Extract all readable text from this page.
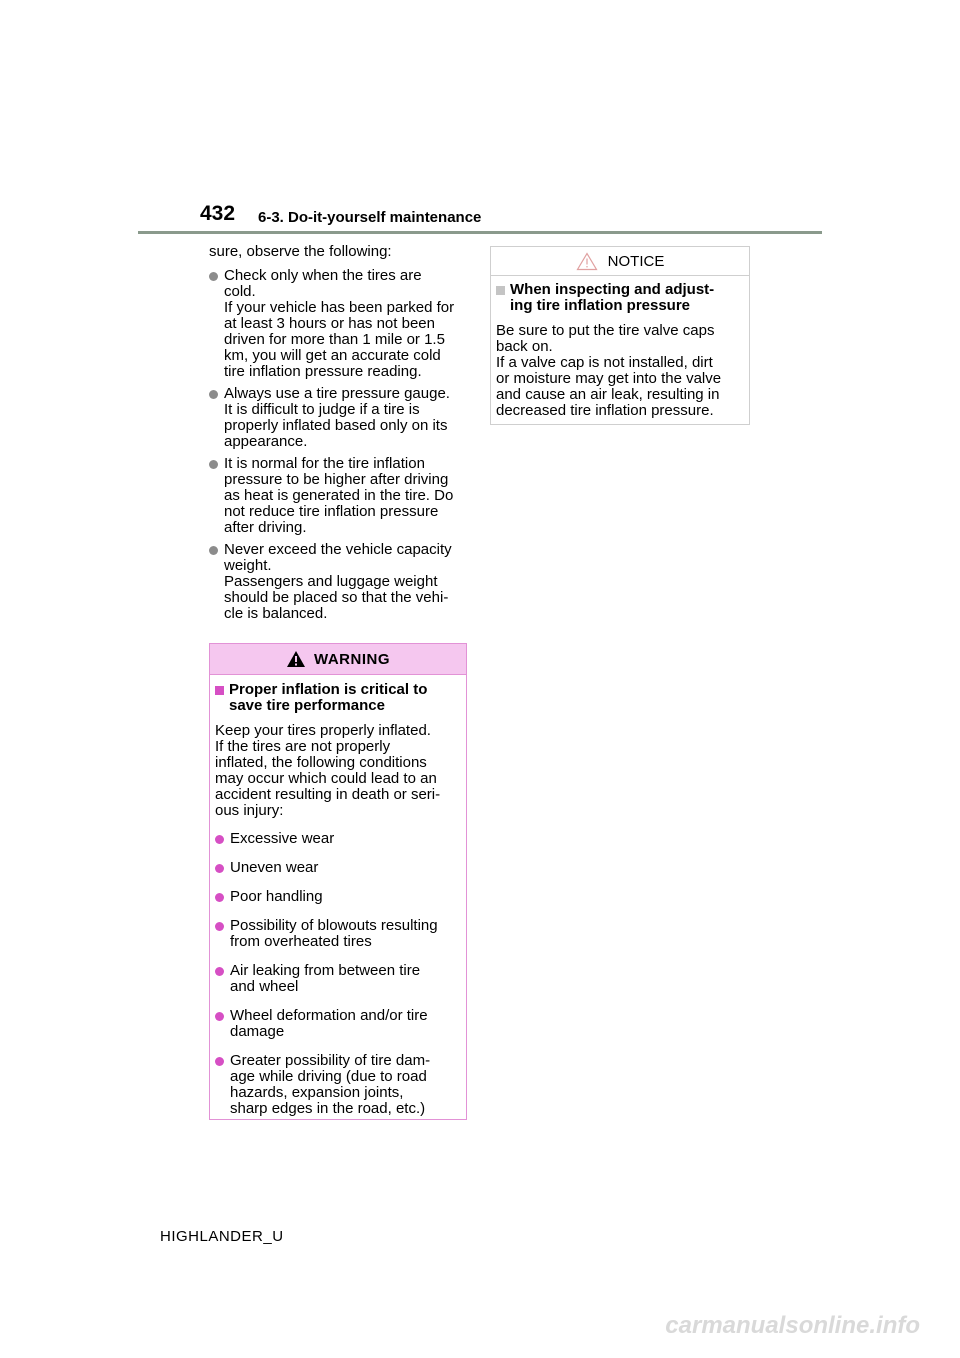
432 6-3. Do-it-yourself maintenance
sure, observe the following:
Check only when the tires are
cold.
If your vehicle has been parked for
at least 3 hours or has not been
driven for more than 1 mile or 1.5
km, you will get an accurate cold
tire inflation pressure reading.
Always use a tire pressure gauge.
It is difficult to judge if a tire is
properly inflated based only on its
appearance.
It is normal for the tire inflation
pressure to be higher after driving
as heat is generated in the tire. Do
not reduce tire inflation pressure
after driving.
Never exceed the vehicle capacity
weight.
Passengers and luggage weight
should be placed so that the vehi-
cle is balanced.
WARNING
Proper inflation is critical to
save tire performance
Keep your tires properly inflated.
If the tires are not properly
inflated, the following conditions
may occur which could lead to an
accident resulting in death or seri-
ous injury:
Excessive wear
Uneven wear
Poor handling
Possibility of blowouts resulting
from overheated tires
Air leaking from between tire
and wheel
Wheel deformation and/or tire
damage
Greater possibility of tire dam-
age while driving (due to road
hazards, expansion joints,
sharp edges in the road, etc.)
NOTICE
When inspecting and adjust-
ing tire inflation pressure
Be sure to put the tire valve caps
back on.
If a valve cap is not installed, dirt
or moisture may get into the valve
and cause an air leak, resulting in
decreased tire inflation pressure.
HIGHLANDER_U
carmanualsonline.info
